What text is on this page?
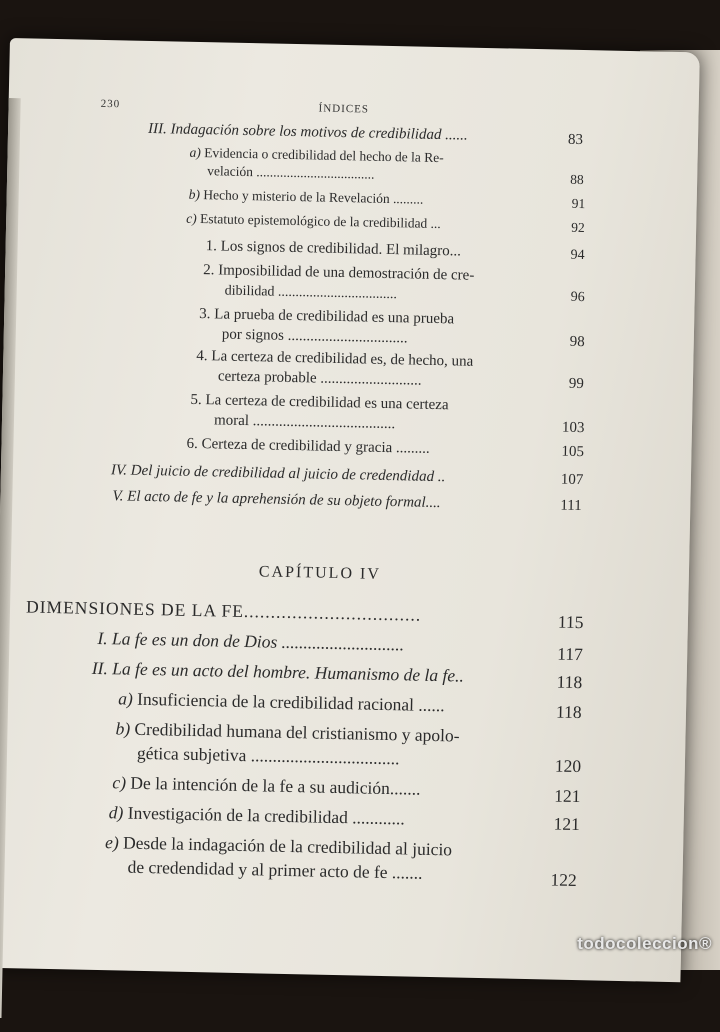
230	ÍNDICES
III. Indagación sobre los motivos de credibilidad ......	83
a) Evidencia o credibilidad del hecho de la Re-
velación ...................................	88
b) Hecho y misterio de la Revelación .........	91
c) Estatuto epistemológico de la credibilidad ...	92
1. Los signos de credibilidad. El milagro...	94
2. Imposibilidad de una demostración de cre-
dibilidad ..................................	96
3. La prueba de credibilidad es una prueba
por signos ................................	98
4. La certeza de credibilidad es, de hecho, una
certeza probable ...........................	99
5. La certeza de credibilidad es una certeza
moral ......................................	103
6. Certeza de credibilidad y gracia .........	105
IV. Del juicio de credibilidad al juicio de credendidad ..	107
V. El acto de fe y la aprehensión de su objeto formal....	111
CAPÍTULO IV
DIMENSIONES DE LA FE.................................	115
I. La fe es un don de Dios ............................	117
II. La fe es un acto del hombre. Humanismo de la fe..	118
a) Insuficiencia de la credibilidad racional ......	118
b) Credibilidad humana del cristianismo y apolo-
gética subjetiva ..................................	120
c) De la intención de la fe a su audición.......	121
d) Investigación de la credibilidad ............	121
e) Desde la indagación de la credibilidad al juicio
de credendidad y al primer acto de fe .......	122
todocoleccion®
